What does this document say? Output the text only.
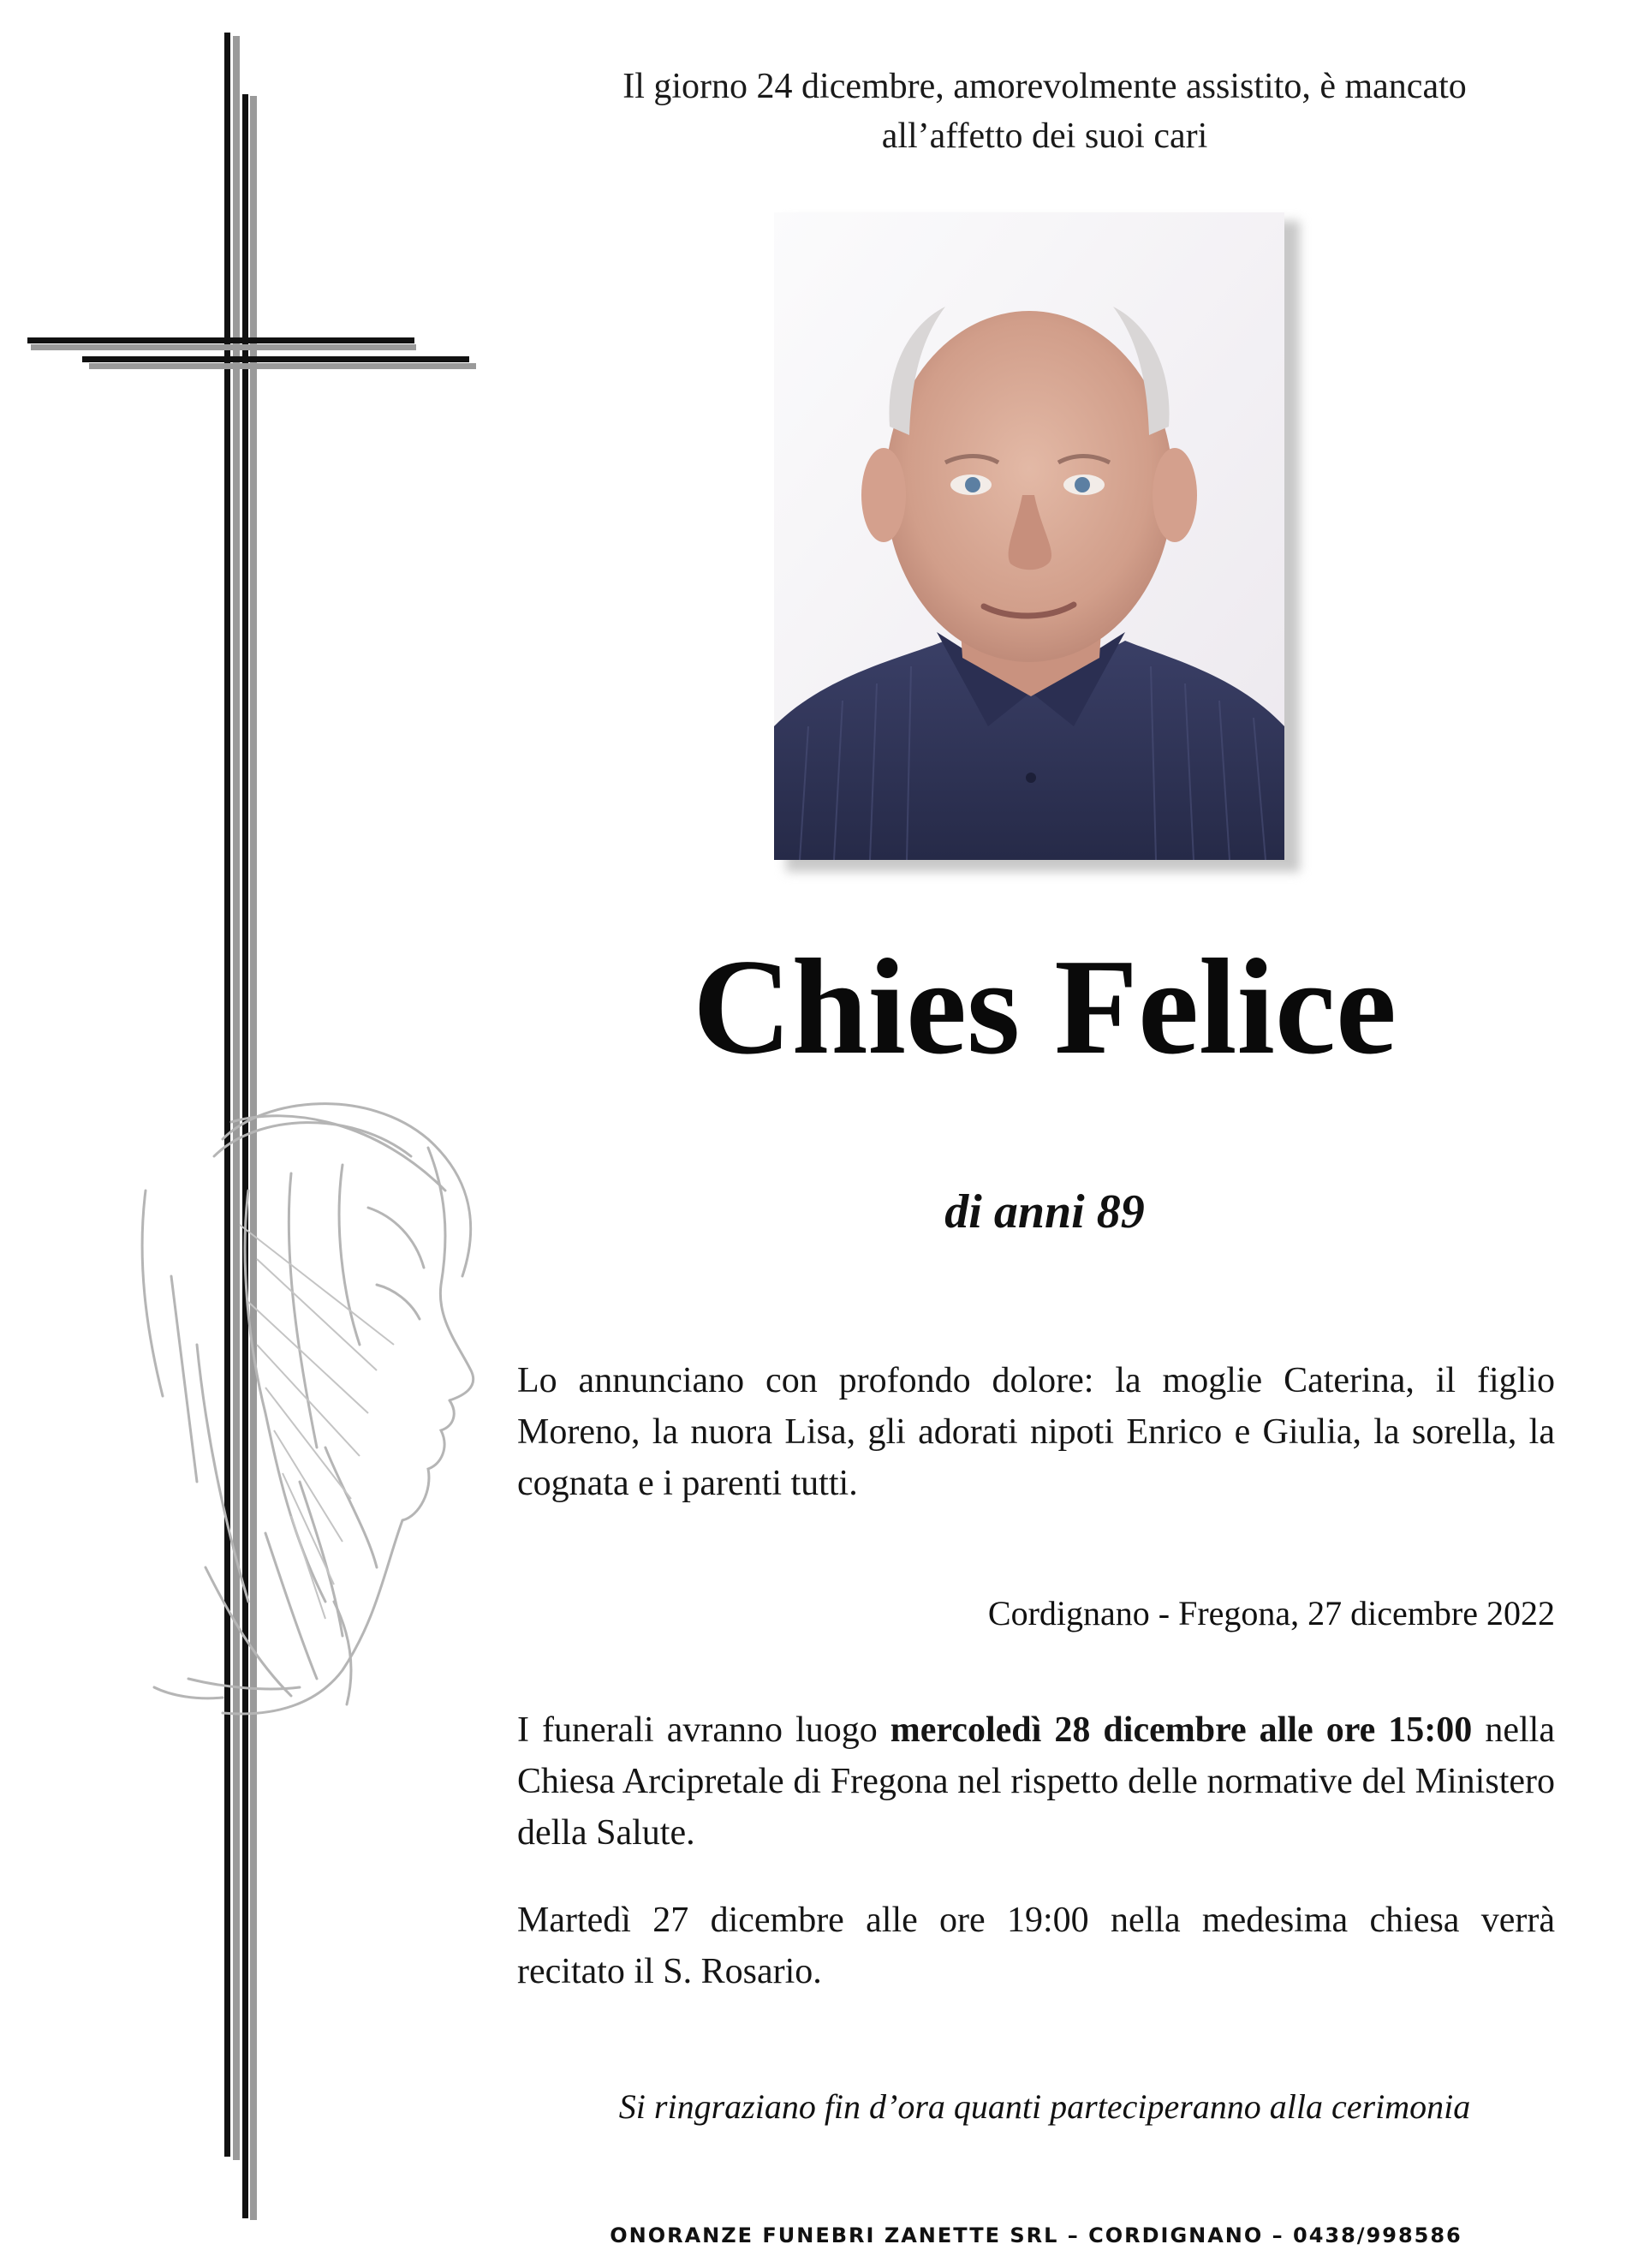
Il giorno 24 dicembre, amorevolmente assistito, è mancato
all’affetto dei suoi cari
Chies Felice
di anni 89
Lo annunciano con profondo dolore: la moglie Caterina, il figlio Moreno, la nuora Lisa, gli adorati nipoti Enrico e Giulia, la sorella, la cognata e i parenti tutti.
Cordignano - Fregona, 27 dicembre 2022
I funerali avranno luogo mercoledì 28 dicembre alle ore 15:00 nella Chiesa Arcipretale di Fregona nel rispetto delle normative del Ministero della Salute.
Martedì 27 dicembre alle ore 19:00 nella medesima chiesa verrà recitato il S. Rosario.
Si ringraziano fin d’ora quanti parteciperanno alla cerimonia
ONORANZE FUNEBRI ZANETTE SRL – CORDIGNANO – 0438/998586
